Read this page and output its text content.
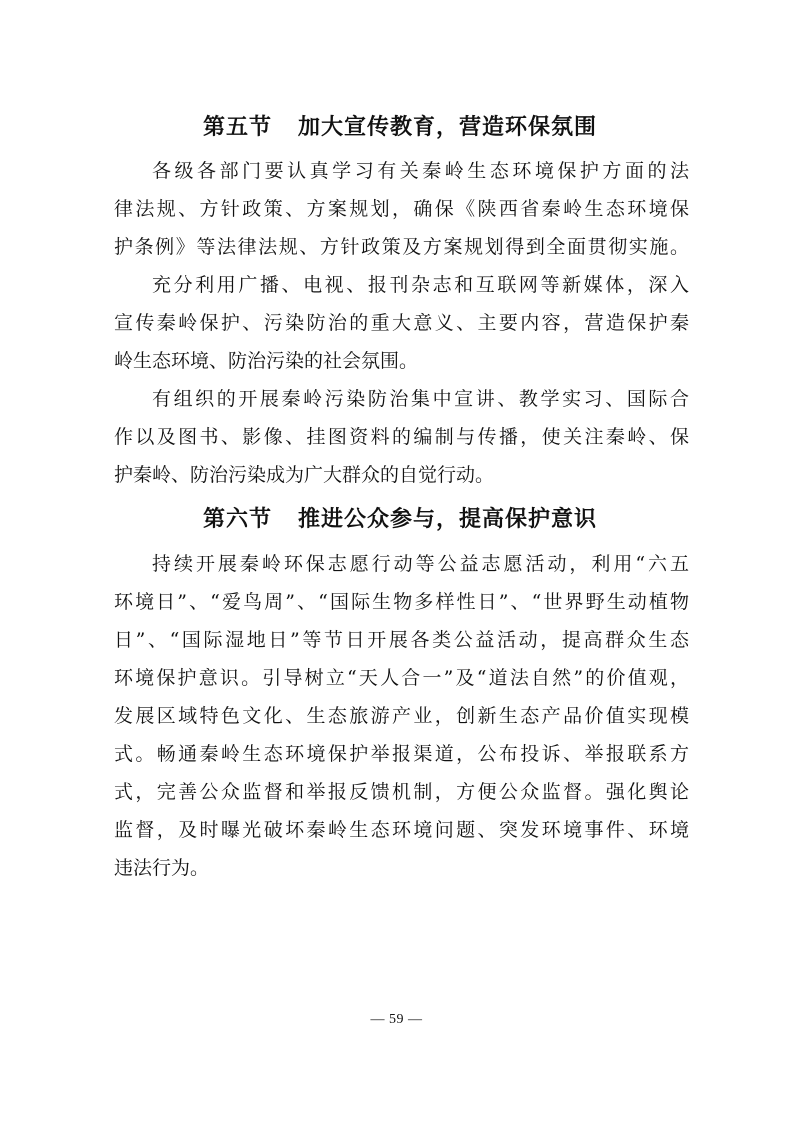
第五节 加大宣传教育，营造环保氛围
各级各部门要认真学习有关秦岭生态环境保护方面的法
律法规、方针政策、方案规划，确保《陕西省秦岭生态环境保
护条例》等法律法规、方针政策及方案规划得到全面贯彻实施。
充分利用广播、电视、报刊杂志和互联网等新媒体，深入
宣传秦岭保护、污染防治的重大意义、主要内容，营造保护秦
岭生态环境、防治污染的社会氛围。
有组织的开展秦岭污染防治集中宣讲、教学实习、国际合
作以及图书、影像、挂图资料的编制与传播，使关注秦岭、保
护秦岭、防治污染成为广大群众的自觉行动。
第六节 推进公众参与，提高保护意识
持续开展秦岭环保志愿行动等公益志愿活动，利用“六五
环境日”、“爱鸟周”、“国际生物多样性日”、“世界野生动植物
日”、“国际湿地日”等节日开展各类公益活动，提高群众生态
环境保护意识。引导树立“天人合一”及“道法自然”的价值观，
发展区域特色文化、生态旅游产业，创新生态产品价值实现模
式。畅通秦岭生态环境保护举报渠道，公布投诉、举报联系方
式，完善公众监督和举报反馈机制，方便公众监督。强化舆论
监督，及时曝光破坏秦岭生态环境问题、突发环境事件、环境
违法行为。
— 59 —
